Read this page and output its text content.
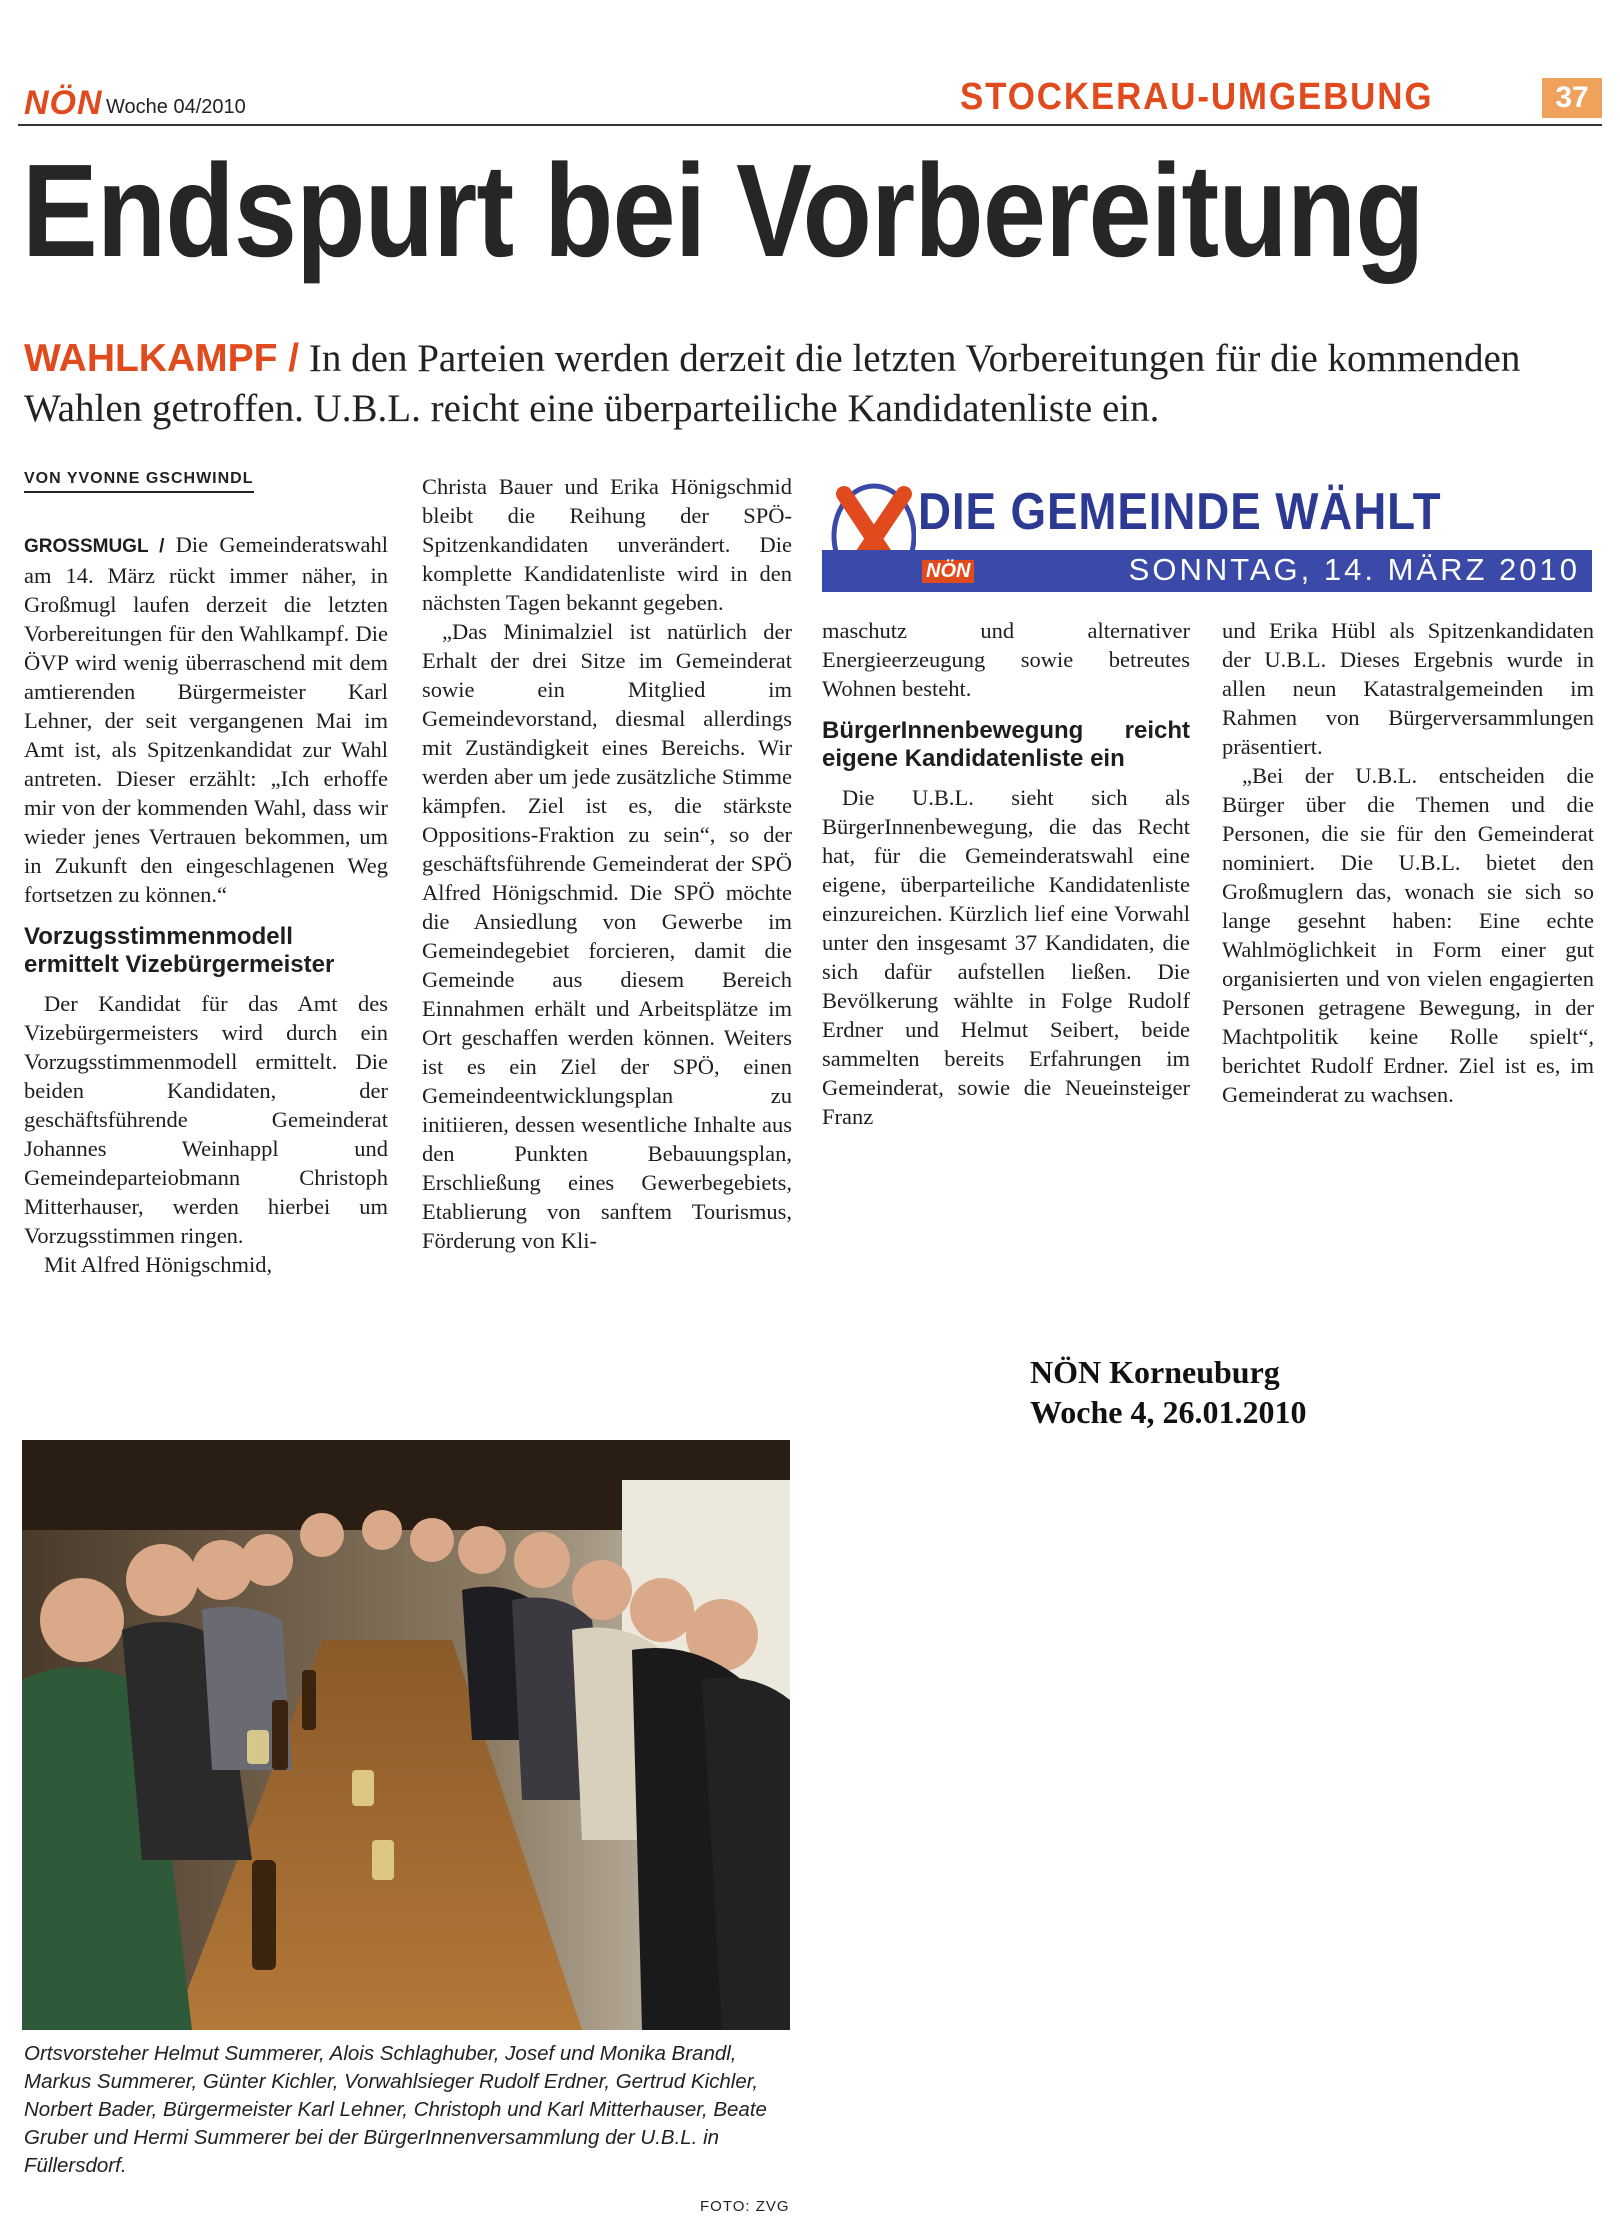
NÖN Woche 04/2010	STOCKERAU-UMGEBUNG	37
Endspurt bei Vorbereitung
WAHLKAMPF / In den Parteien werden derzeit die letzten Vorbereitungen für die kommenden Wahlen getroffen. U.B.L. reicht eine überparteiliche Kandidatenliste ein.
VON YVONNE GSCHWINDL

GROSSMUGL / Die Gemeinderatswahl am 14. März rückt immer näher, in Großmugl laufen derzeit die letzten Vorbereitungen für den Wahlkampf. Die ÖVP wird wenig überraschend mit dem amtierenden Bürgermeister Karl Lehner, der seit vergangenen Mai im Amt ist, als Spitzenkandidat zur Wahl antreten. Dieser erzählt: „Ich erhoffe mir von der kommenden Wahl, dass wir wieder jenes Vertrauen bekommen, um in Zukunft den eingeschlagenen Weg fortsetzen zu können.“

Vorzugsstimmenmodell ermittelt Vizebürgermeister

Der Kandidat für das Amt des Vizebürgermeisters wird durch ein Vorzugsstimmenmodell ermittelt. Die beiden Kandidaten, der geschäftsführende Gemeinderat Johannes Weinhappl und Gemeindeparteiobmann Christoph Mitterhauser, werden hierbei um Vorzugsstimmen ringen.

Mit Alfred Hönigschmid,

Christa Bauer und Erika Hönigschmid bleibt die Reihung der SPÖ-Spitzenkandidaten unverändert. Die komplette Kandidatenliste wird in den nächsten Tagen bekannt gegeben.

„Das Minimalziel ist natürlich der Erhalt der drei Sitze im Gemeinderat sowie ein Mitglied im Gemeindevorstand, diesmal allerdings mit Zuständigkeit eines Bereichs. Wir werden aber um jede zusätzliche Stimme kämpfen. Ziel ist es, die stärkste Oppositions-Fraktion zu sein“, so der geschäftsführende Gemeinderat der SPÖ Alfred Hönigschmid. Die SPÖ möchte die Ansiedlung von Gewerbe im Gemeindegebiet forcieren, damit die Gemeinde aus diesem Bereich Einnahmen erhält und Arbeitsplätze im Ort geschaffen werden können. Weiters ist es ein Ziel der SPÖ, einen Gemeindeentwicklungsplan zu initiieren, dessen wesentliche Inhalte aus den Punkten Bebauungsplan, Erschließung eines Gewerbegebiets, Etablierung von sanftem Tourismus, Förderung von Kli-

DIE GEMEINDE WÄHLT
NÖN	SONNTAG, 14. MÄRZ 2010

maschutz und alternativer Energieerzeugung sowie betreutes Wohnen besteht.

BürgerInnenbewegung reicht eigene Kandidatenliste ein

Die U.B.L. sieht sich als BürgerInnenbewegung, die das Recht hat, für die Gemeinderatswahl eine eigene, überparteiliche Kandidatenliste einzureichen. Kürzlich lief eine Vorwahl unter den insgesamt 37 Kandidaten, die sich dafür aufstellen ließen. Die Bevölkerung wählte in Folge Rudolf Erdner und Helmut Seibert, beide sammelten bereits Erfahrungen im Gemeinderat, sowie die Neueinsteiger Franz

und Erika Hübl als Spitzenkandidaten der U.B.L. Dieses Ergebnis wurde in allen neun Katastralgemeinden im Rahmen von Bürgerversammlungen präsentiert.

„Bei der U.B.L. entscheiden die Bürger über die Themen und die Personen, die sie für den Gemeinderat nominiert. Die U.B.L. bietet den Großmuglern das, wonach sie sich so lange gesehnt haben: Eine echte Wahlmöglichkeit in Form einer gut organisierten und von vielen engagierten Personen getragene Bewegung, in der Machtpolitik keine Rolle spielt“, berichtet Rudolf Erdner. Ziel ist es, im Gemeinderat zu wachsen.

NÖN Korneuburg
Woche 4, 26.01.2010
Ortsvorsteher Helmut Summerer, Alois Schlaghuber, Josef und Monika Brandl, Markus Summerer, Günter Kichler, Vorwahlsieger Rudolf Erdner, Gertrud Kichler, Norbert Bader, Bürgermeister Karl Lehner, Christoph und Karl Mitterhauser, Beate Gruber und Hermi Summerer bei der BürgerInnenversammlung der U.B.L. in Füllersdorf.
FOTO: ZVG
